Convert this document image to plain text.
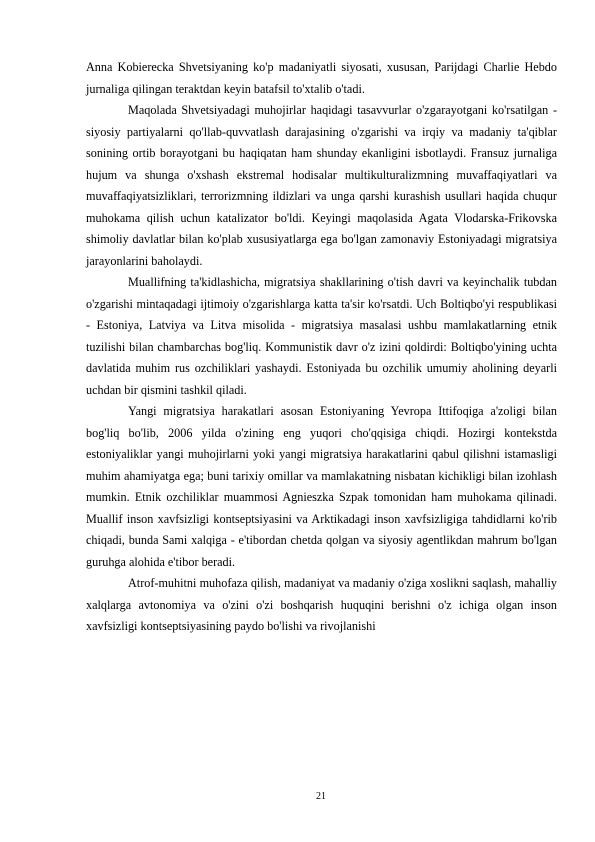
Anna Kobierecka Shvetsiyaning ko'p madaniyatli siyosati, xususan, Parijdagi Charlie Hebdo jurnaliga qilingan teraktdan keyin batafsil to'xtalib o'tadi.

Maqolada Shvetsiyadagi muhojirlar haqidagi tasavvurlar o'zgarayotgani ko'rsatilgan - siyosiy partiyalarni qo'llab-quvvatlash darajasining o'zgarishi va irqiy va madaniy ta'qiblar sonining ortib borayotgani bu haqiqatan ham shunday ekanligini isbotlaydi. Fransuz jurnaliga hujum va shunga o'xshash ekstremal hodisalar multikulturalizmning muvaffaqiyatlari va muvaffaqiyatsizliklari, terrorizmning ildizlari va unga qarshi kurashish usullari haqida chuqur muhokama qilish uchun katalizator bo'ldi. Keyingi maqolasida Agata Vlodarska-Frikovska shimoliy davlatlar bilan ko'plab xususiyatlarga ega bo'lgan zamonaviy Estoniyadagi migratsiya jarayonlarini baholaydi.

Muallifning ta'kidlashicha, migratsiya shakllarining o'tish davri va keyinchalik tubdan o'zgarishi mintaqadagi ijtimoiy o'zgarishlarga katta ta'sir ko'rsatdi. Uch Boltiqbo'yi respublikasi - Estoniya, Latviya va Litva misolida - migratsiya masalasi ushbu mamlakatlarning etnik tuzilishi bilan chambarchas bog'liq. Kommunistik davr o'z izini qoldirdi: Boltiqbo'yining uchta davlatida muhim rus ozchiliklari yashaydi. Estoniyada bu ozchilik umumiy aholining deyarli uchdan bir qismini tashkil qiladi.

Yangi migratsiya harakatlari asosan Estoniyaning Yevropa Ittifoqiga a'zoligi bilan bog'liq bo'lib, 2006 yilda o'zining eng yuqori cho'qqisiga chiqdi. Hozirgi kontekstda estoniyaliklar yangi muhojirlarni yoki yangi migratsiya harakatlarini qabul qilishni istamasligi muhim ahamiyatga ega; buni tarixiy omillar va mamlakatning nisbatan kichikligi bilan izohlash mumkin. Etnik ozchiliklar muammosi Agnieszka Szpak tomonidan ham muhokama qilinadi. Muallif inson xavfsizligi kontseptsiyasini va Arktikadagi inson xavfsizligiga tahdidlarni ko'rib chiqadi, bunda Sami xalqiga - e'tibordan chetda qolgan va siyosiy agentlikdan mahrum bo'lgan guruhga alohida e'tibor beradi.

Atrof-muhitni muhofaza qilish, madaniyat va madaniy o'ziga xoslikni saqlash, mahalliy xalqlarga avtonomiya va o'zini o'zi boshqarish huquqini berishni o'z ichiga olgan inson xavfsizligi kontseptsiyasining paydo bo'lishi va rivojlanishi

21
